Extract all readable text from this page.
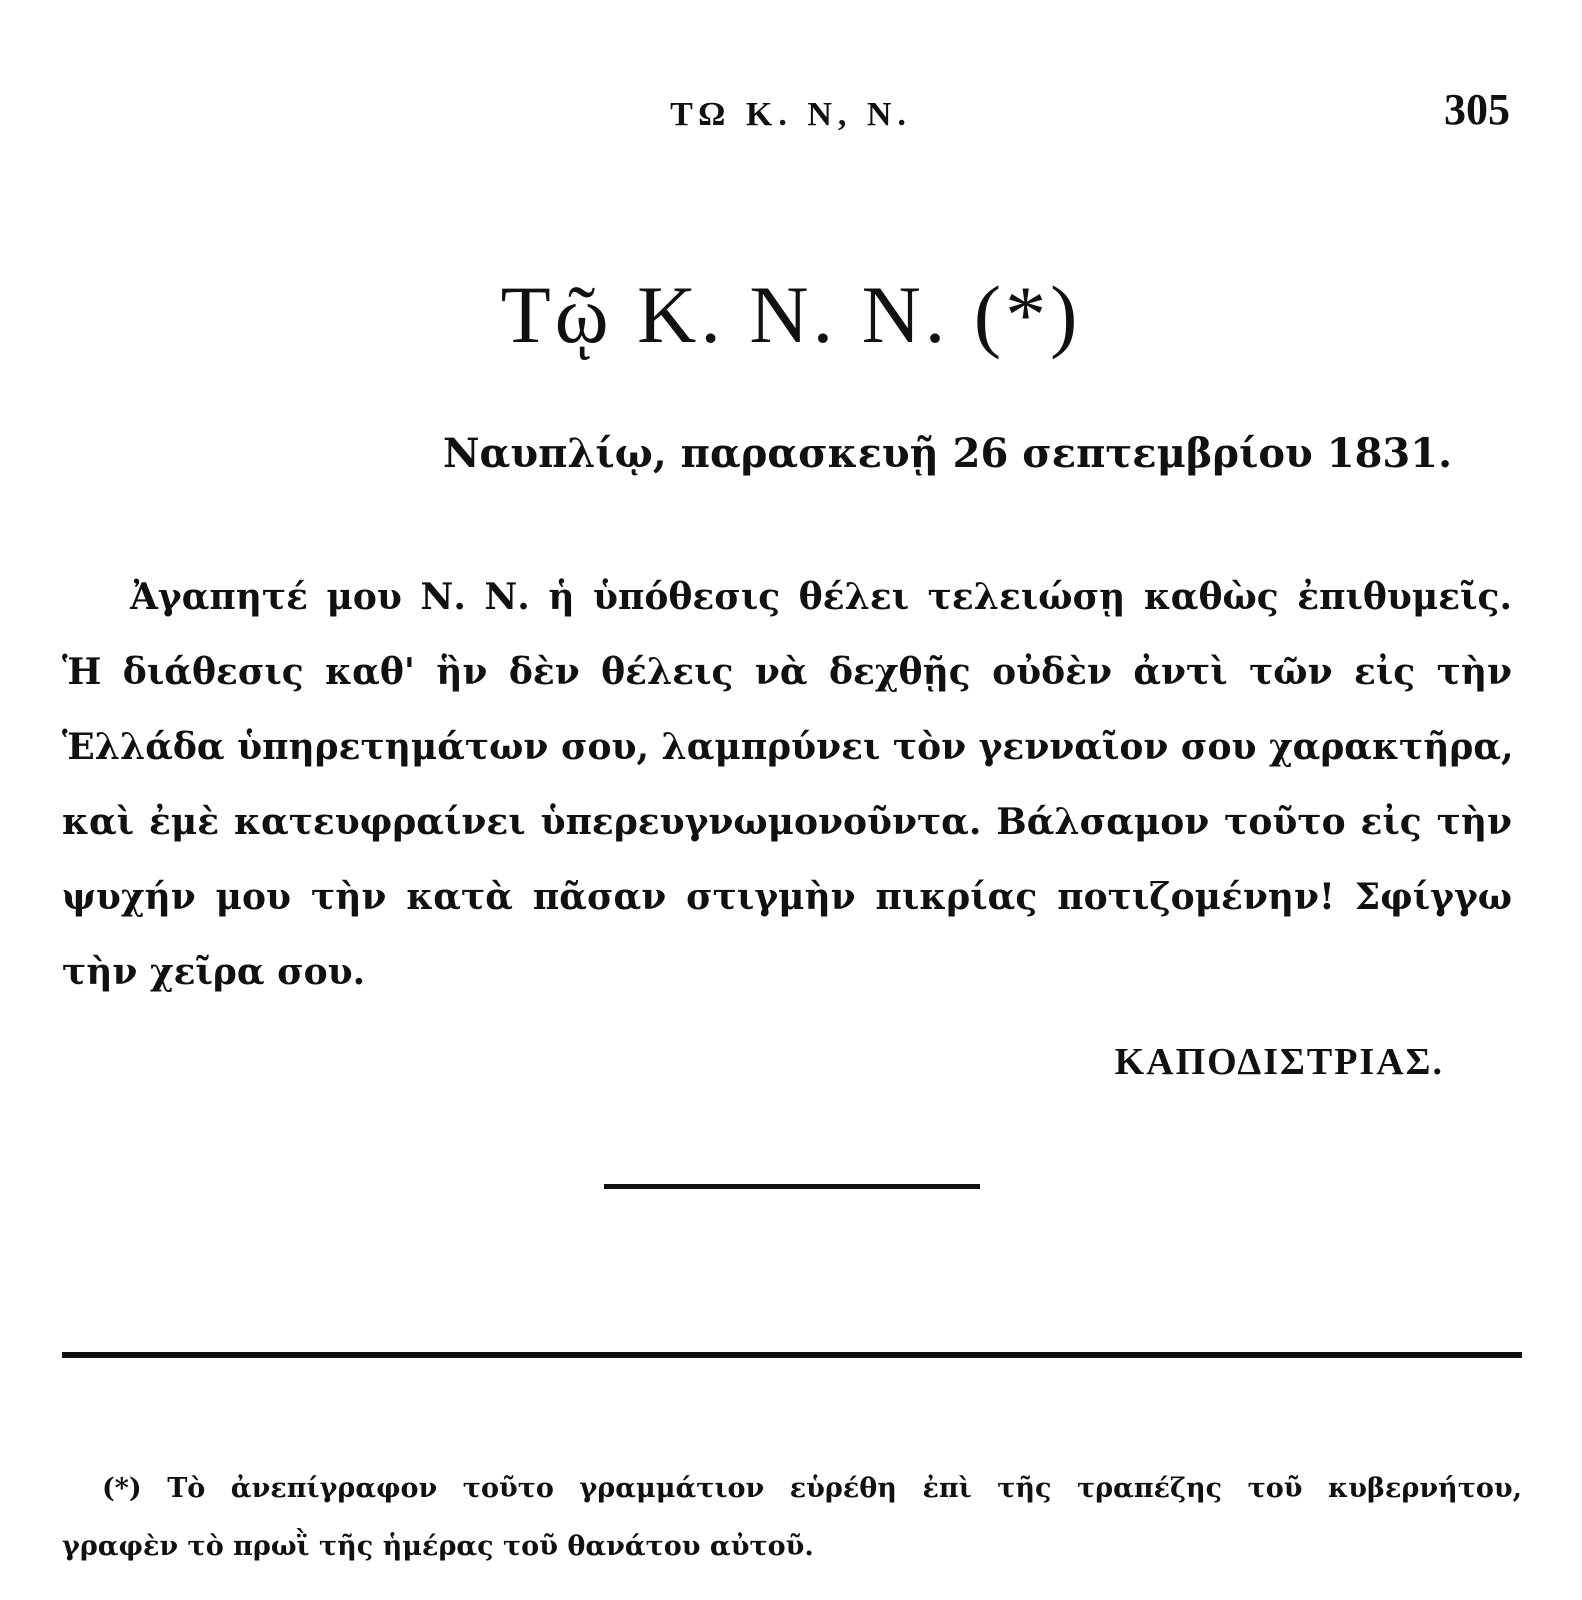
ΤΩ Κ. Ν, Ν.	305
Τῷ Κ. Ν. Ν. (*)
Ναυπλίῳ, παρασκευῇ 26 σεπτεμβρίου 1831.
Ἀγαπητέ μου Ν. Ν. ἡ ὑπόθεσις θέλει τελειώσῃ καθὼς ἐπιθυμεῖς.
Ἡ διάθεσις καθ' ἣν δὲν θέλεις νὰ δεχθῇς οὐδὲν ἀντὶ τῶν εἰς τὴν
Ἑλλάδα ὑπηρετημάτων σου, λαμπρύνει τὸν γενναῖον σου χαρακτῆρα,
καὶ ἐμὲ κατευφραίνει ὑπερευγνωμονοῦντα. Βάλσαμον τοῦτο εἰς τὴν
ψυχήν μου τὴν κατὰ πᾶσαν στιγμὴν πικρίας ποτιζομένην! Σφίγγω
τὴν χεῖρα σου.
ΚΑΠΟΔΙΣΤΡΙΑΣ.
(*) Τὸ ἀνεπίγραφον τοῦτο γραμμάτιον εὑρέθη ἐπὶ τῆς τραπέζης τοῦ κυβερνήτου,
γραφὲν τὸ πρωῒ τῆς ἡμέρας τοῦ θανάτου αὐτοῦ.
